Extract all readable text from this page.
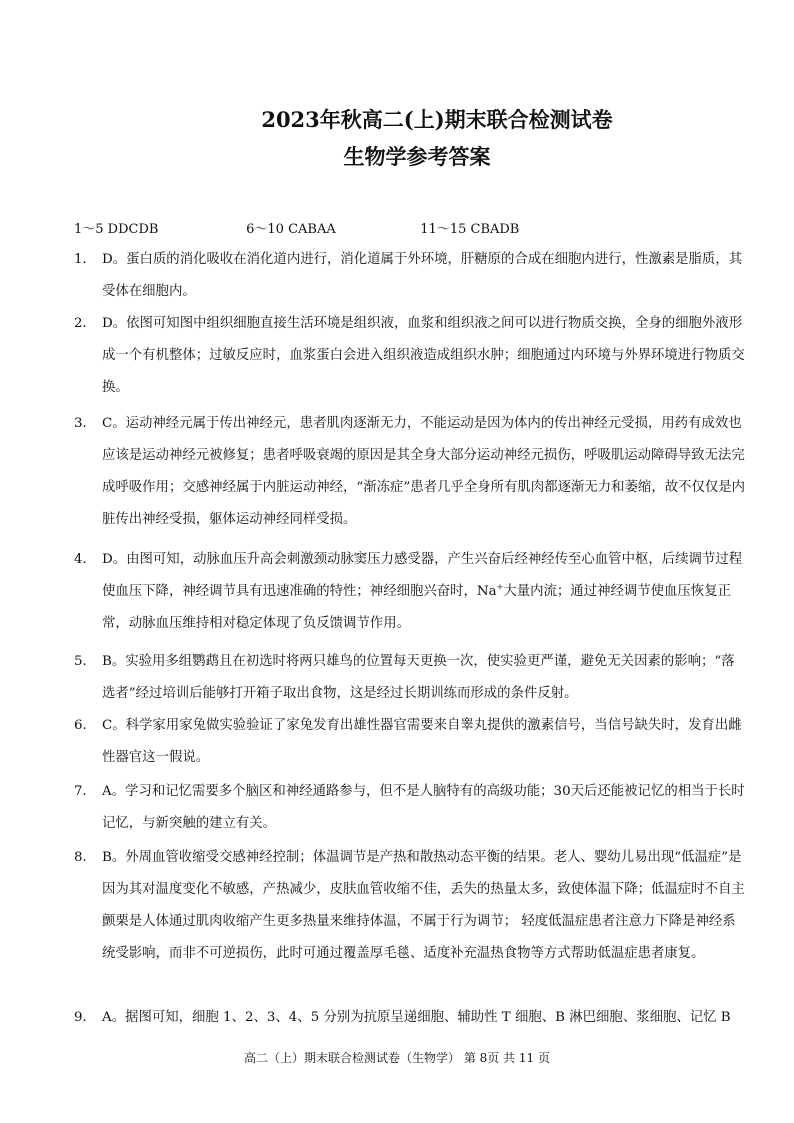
2023年秋高二(上)期末联合检测试卷
生物学参考答案
1～5 DDCDB	6～10 CABAA	11～15 CBADB
1． D。蛋白质的消化吸收在消化道内进行，消化道属于外环境，肝糖原的合成在细胞内进行，性激素是脂质，其受体在细胞内。
2． D。依图可知图中组织细胞直接生活环境是组织液，血浆和组织液之间可以进行物质交换，全身的细胞外液形成一个有机整体；过敏反应时，血浆蛋白会进入组织液造成组织水肿；细胞通过内环境与外界环境进行物质交换。
3． C。运动神经元属于传出神经元，患者肌肉逐渐无力，不能运动是因为体内的传出神经元受损，用药有成效也应该是运动神经元被修复；患者呼吸衰竭的原因是其全身大部分运动神经元损伤，呼吸肌运动障碍导致无法完成呼吸作用；交感神经属于内脏运动神经，“渐冻症”患者几乎全身所有肌肉都逐渐无力和萎缩，故不仅仅是内脏传出神经受损，躯体运动神经同样受损。
4． D。由图可知，动脉血压升高会刺激颈动脉窦压力感受器，产生兴奋后经神经传至心血管中枢，后续调节过程使血压下降，神经调节具有迅速准确的特性；神经细胞兴奋时，Na+大量内流；通过神经调节使血压恢复正常，动脉血压维持相对稳定体现了负反馈调节作用。
5． B。实验用多组鹦鹉且在初选时将两只雄鸟的位置每天更换一次，使实验更严谨，避免无关因素的影响；“落选者”经过培训后能够打开箱子取出食物，这是经过长期训练而形成的条件反射。
6． C。科学家用家兔做实验验证了家兔发育出雄性器官需要来自睾丸提供的激素信号，当信号缺失时，发育出雌性器官这一假说。
7． A。学习和记忆需要多个脑区和神经通路参与，但不是人脑特有的高级功能；30天后还能被记忆的相当于长时记忆，与新突触的建立有关。
8． B。外周血管收缩受交感神经控制；体温调节是产热和散热动态平衡的结果。老人、婴幼儿易出现“低温症”是因为其对温度变化不敏感，产热减少，皮肤血管收缩不佳，丢失的热量太多，致使体温下降；低温症时不自主颤栗是人体通过肌肉收缩产生更多热量来维持体温，不属于行为调节； 轻度低温症患者注意力下降是神经系统受影响，而非不可逆损伤，此时可通过覆盖厚毛毯、适度补充温热食物等方式帮助低温症患者康复。
9． A。据图可知，细胞 1、2、3、4、5 分别为抗原呈递细胞、辅助性 T 细胞、B 淋巴细胞、浆细胞、记忆 B
高二（上）期末联合检测试卷（生物学） 第 8页 共 11 页
